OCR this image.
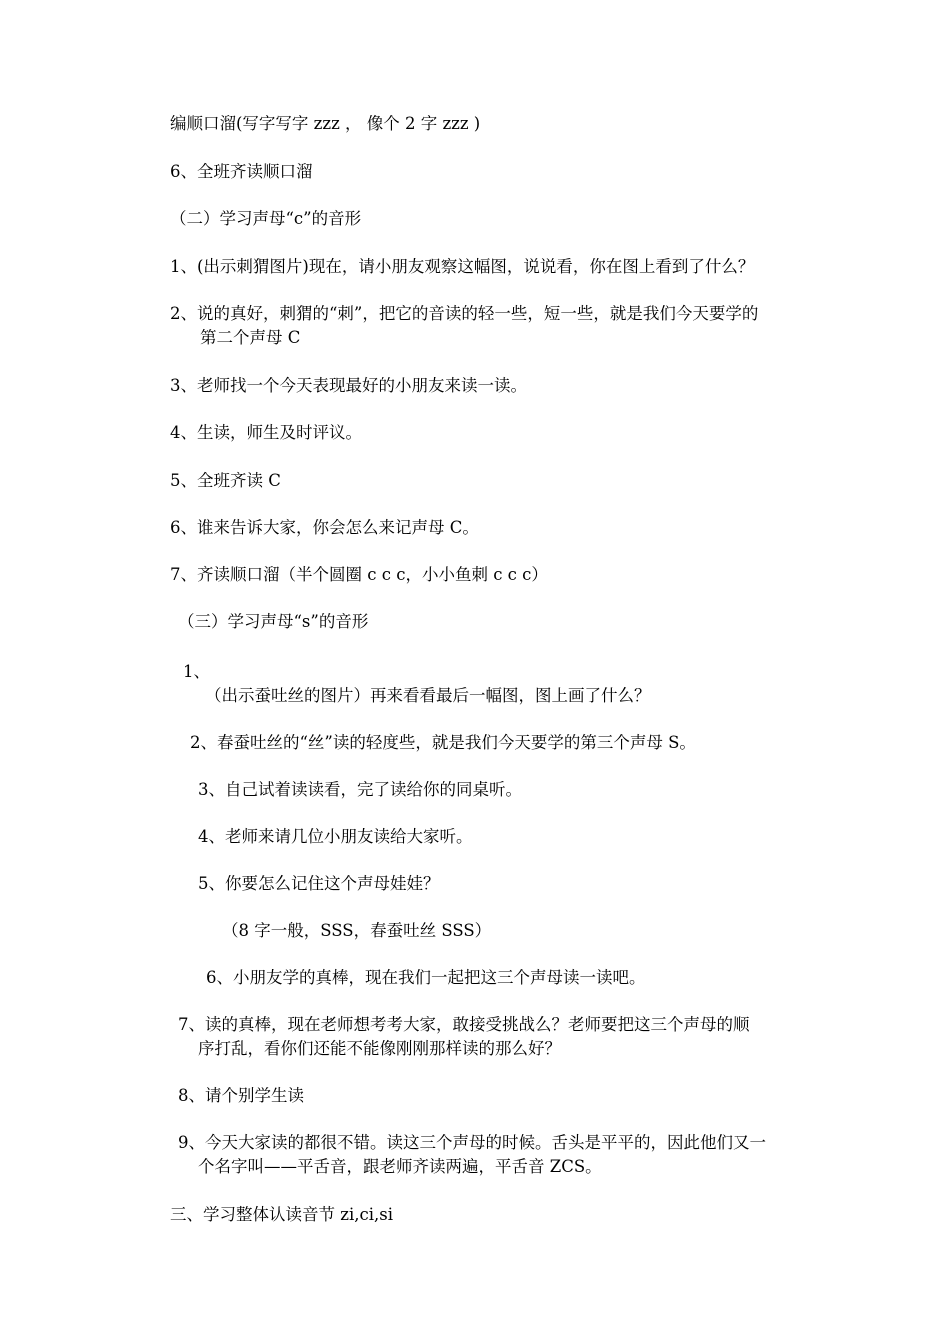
编顺口溜(写字写字 zzz ， 像个 2 字 zzz )
6、全班齐读顺口溜
（二）学习声母“c”的音形
1、(出示刺猬图片)现在，请小朋友观察这幅图，说说看，你在图上看到了什么？
2、说的真好，刺猬的“刺”，把它的音读的轻一些，短一些，就是我们今天要学的
第二个声母 C
3、老师找一个今天表现最好的小朋友来读一读。
4、生读，师生及时评议。
5、全班齐读 C
6、谁来告诉大家，你会怎么来记声母 C。
7、齐读顺口溜（半个圆圈 c c c，小小鱼刺 c c c）
（三）学习声母“s”的音形
1、
（出示蚕吐丝的图片）再来看看最后一幅图，图上画了什么？
2、春蚕吐丝的“丝”读的轻度些，就是我们今天要学的第三个声母 S。
3、自己试着读读看，完了读给你的同桌听。
4、老师来请几位小朋友读给大家听。
5、你要怎么记住这个声母娃娃？
（8 字一般，SSS，春蚕吐丝 SSS）
6、小朋友学的真棒，现在我们一起把这三个声母读一读吧。
7、读的真棒，现在老师想考考大家，敢接受挑战么？老师要把这三个声母的顺
序打乱，看你们还能不能像刚刚那样读的那么好？
8、请个别学生读
9、今天大家读的都很不错。读这三个声母的时候。舌头是平平的，因此他们又一
个名字叫——平舌音，跟老师齐读两遍，平舌音 ZCS。
三、学习整体认读音节 zi,ci,si
